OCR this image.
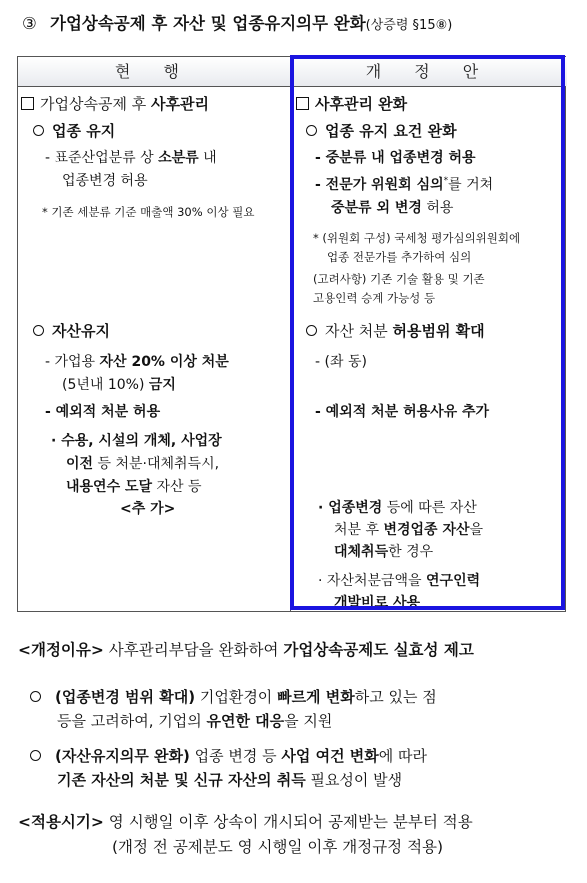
③ 가업상속공제 후 자산 및 업종유지의무 완화(상증령 §15⑧)
현 행	개 정 안
가업상속공제 후 사후관리
업종 유지
- 표준산업분류 상 소분류 내
업종변경 허용
* 기존 세분류 기준 매출액 30% 이상 필요
자산유지
- 가업용 자산 20% 이상 처분
(5년내 10%) 금지
- 예외적 처분 허용
· 수용, 시설의 개체, 사업장
이전 등 처분·대체취득시,
내용연수 도달 자산 등
<추 가>
사후관리 완화
업종 유지 요건 완화
- 중분류 내 업종변경 허용
- 전문가 위원회 심의*를 거쳐
중분류 외 변경 허용
* (위원회 구성) 국세청 평가심의위원회에
업종 전문가를 추가하여 심의
(고려사항) 기존 기술 활용 및 기존
고용인력 승계 가능성 등
자산 처분 허용범위 확대
- (좌 동)
- 예외적 처분 허용사유 추가
· 업종변경 등에 따른 자산
처분 후 변경업종 자산을
대체취득한 경우
· 자산처분금액을 연구인력
개발비로 사용
<개정이유> 사후관리부담을 완화하여 가업상속공제도 실효성 제고
(업종변경 범위 확대) 기업환경이 빠르게 변화하고 있는 점
등을 고려하여, 기업의 유연한 대응을 지원
(자산유지의무 완화) 업종 변경 등 사업 여건 변화에 따라
기존 자산의 처분 및 신규 자산의 취득 필요성이 발생
<적용시기> 영 시행일 이후 상속이 개시되어 공제받는 분부터 적용
(개정 전 공제분도 영 시행일 이후 개정규정 적용)
